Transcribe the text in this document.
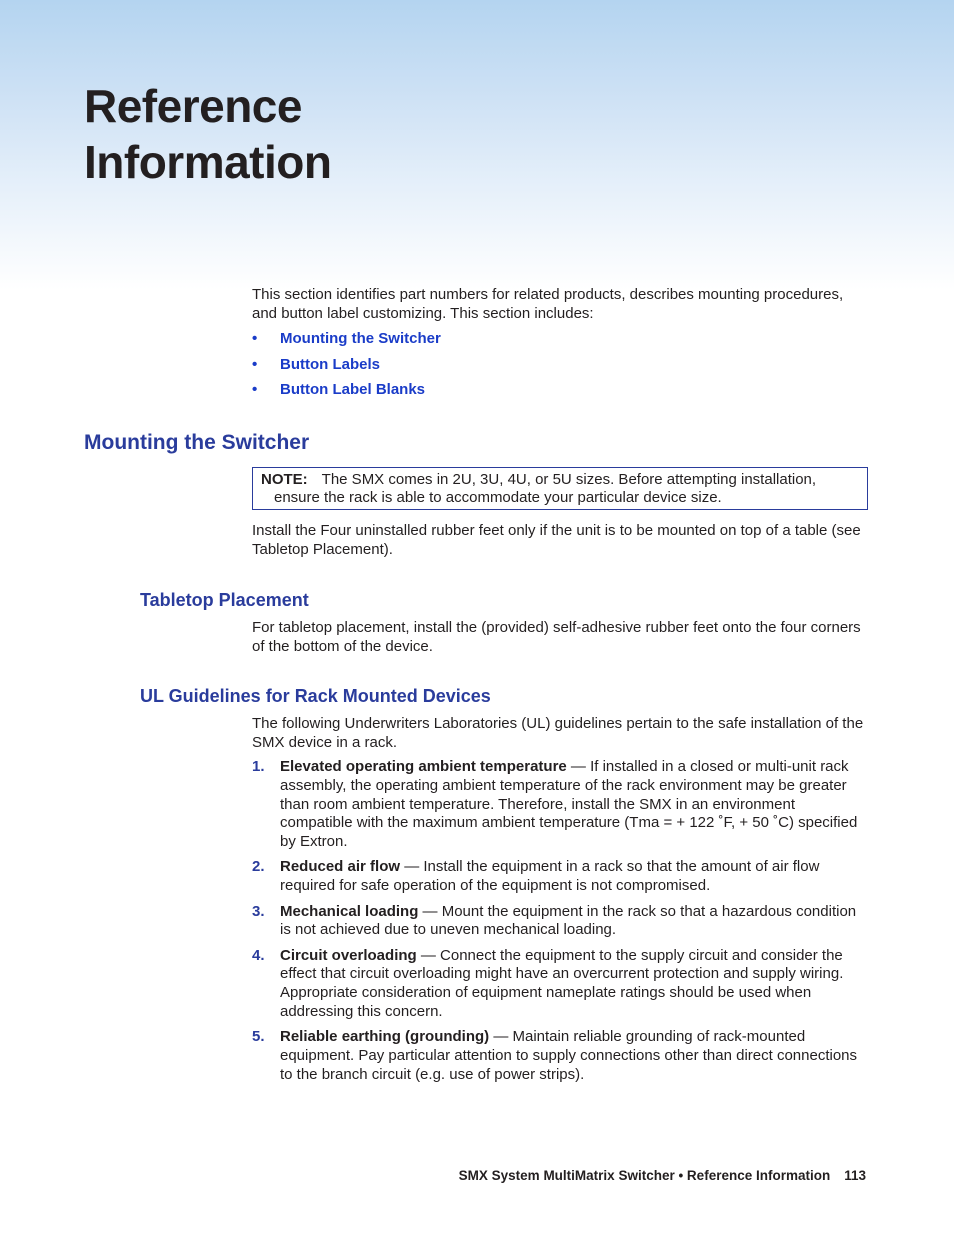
Reference
Information

This section identifies part numbers for related products, describes mounting procedures, and button label customizing. This section includes:

• Mounting the Switcher
• Button Labels
• Button Label Blanks
Mounting the Switcher
NOTE: The SMX comes in 2U, 3U, 4U, or 5U sizes. Before attempting installation,
ensure the rack is able to accommodate your particular device size.

Install the Four uninstalled rubber feet only if the unit is to be mounted on top of a table (see Tabletop Placement).

Tabletop Placement

For tabletop placement, install the (provided) self-adhesive rubber feet onto the four corners of the bottom of the device.

UL Guidelines for Rack Mounted Devices

The following Underwriters Laboratories (UL) guidelines pertain to the safe installation of the SMX device in a rack.

1. Elevated operating ambient temperature — If installed in a closed or multi-unit rack assembly, the operating ambient temperature of the rack environment may be greater than room ambient temperature. Therefore, install the SMX in an environment compatible with the maximum ambient temperature (Tma = + 122 ˚F, + 50 ˚C) specified by Extron.
2. Reduced air flow — Install the equipment in a rack so that the amount of air flow required for safe operation of the equipment is not compromised.
3. Mechanical loading — Mount the equipment in the rack so that a hazardous condition is not achieved due to uneven mechanical loading.
4. Circuit overloading — Connect the equipment to the supply circuit and consider the effect that circuit overloading might have an overcurrent protection and supply wiring. Appropriate consideration of equipment nameplate ratings should be used when addressing this concern.
5. Reliable earthing (grounding) — Maintain reliable grounding of rack-mounted equipment. Pay particular attention to supply connections other than direct connections to the branch circuit (e.g. use of power strips).
SMX System MultiMatrix Switcher • Reference Information 113
